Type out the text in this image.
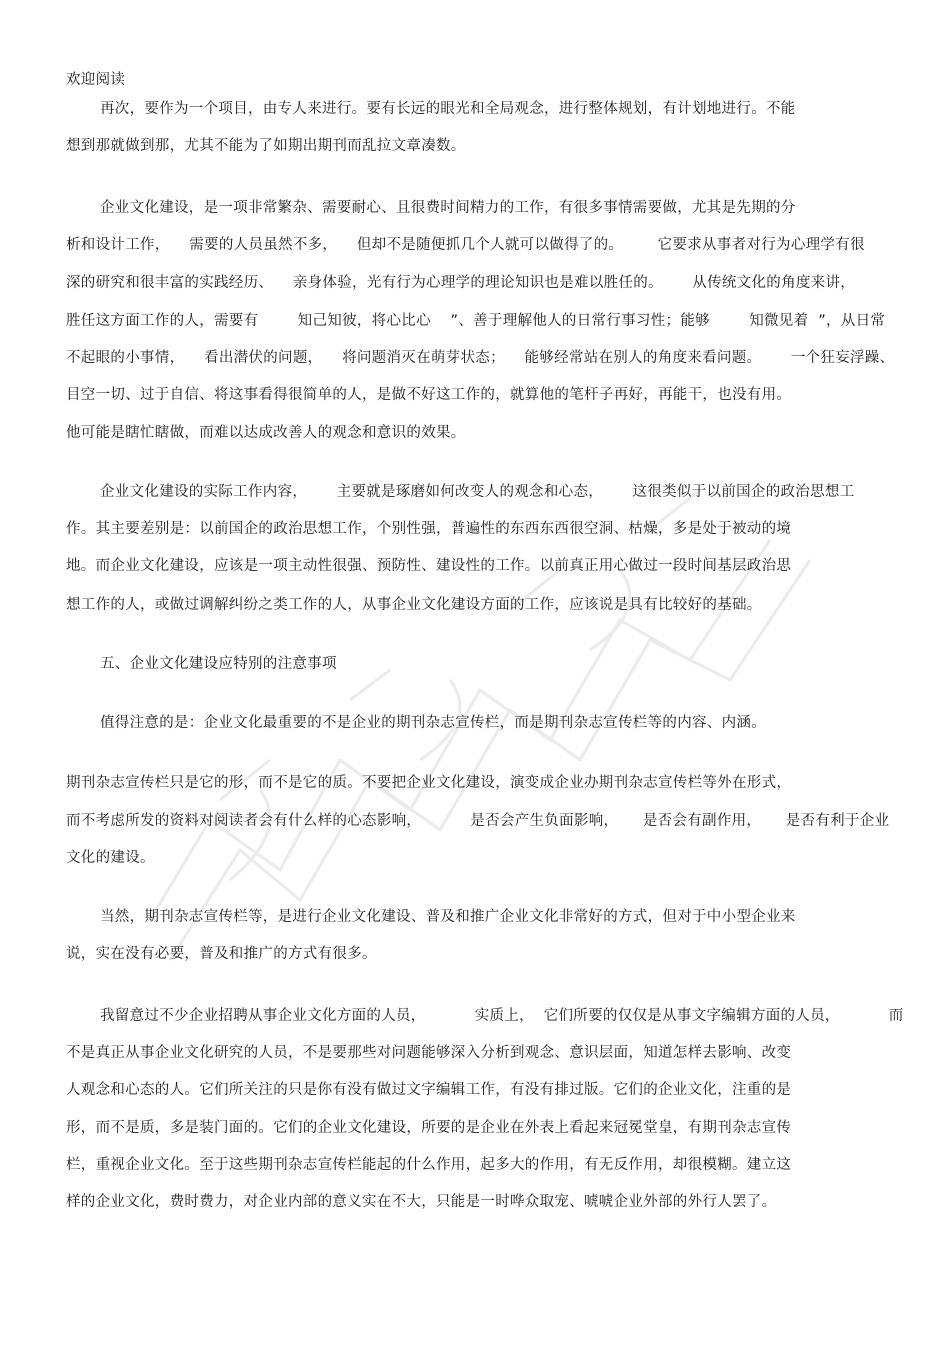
欢迎阅读
再次，要作为一个项目，由专人来进行。要有长远的眼光和全局观念，进行整体规划，有计划地进行。不能
想到那就做到那，尤其不能为了如期出期刊而乱拉文章凑数。
企业文化建设，是一项非常繁杂、需要耐心、且很费时间精力的工作，有很多事情需要做，尤其是先期的分
析和设计工作，    需要的人员虽然不多，    但却不是随便抓几个人就可以做得了的。       它要求从事者对行为心理学有很
深的研究和很丰富的实践经历、    亲身体验，光有行为心理学的理论知识也是难以胜任的。      从传统文化的角度来讲，
胜任这方面工作的人，需要有        知己知彼，将心比心    ”、善于理解他人的日常行事习性；能够        知微见着  ”，从日常
不起眼的小事情，    看出潜伏的问题，    将问题消灭在萌芽状态；    能够经常站在别人的角度来看问题。      一个狂妄浮躁、
目空一切、过于自信、将这事看得很简单的人，是做不好这工作的，就算他的笔杆子再好，再能干，也没有用。
他可能是瞎忙瞎做，而难以达成改善人的观念和意识的效果。
企业文化建设的实际工作内容，      主要就是琢磨如何改变人的观念和心态，      这很类似于以前国企的政治思想工
作。其主要差别是：以前国企的政治思想工作，个别性强，普遍性的东西东西很空洞、枯燥，多是处于被动的境
地。而企业文化建设，应该是一项主动性很强、预防性、建设性的工作。以前真正用心做过一段时间基层政治思
想工作的人，或做过调解纠纷之类工作的人，从事企业文化建设方面的工作，应该说是具有比较好的基础。
五、企业文化建设应特别的注意事项
值得注意的是：企业文化最重要的不是企业的期刊杂志宣传栏，而是期刊杂志宣传栏等的内容、内涵。
期刊杂志宣传栏只是它的形，而不是它的质。不要把企业文化建设，演变成企业办期刊杂志宣传栏等外在形式，
而不考虑所发的资料对阅读者会有什么样的心态影响，          是否会产生负面影响，     是否会有副作用，     是否有利于企业
文化的建设。
当然，期刊杂志宣传栏等，是进行企业文化建设、普及和推广企业文化非常好的方式，但对于中小型企业来
说，实在没有必要，普及和推广的方式有很多。
我留意过不少企业招聘从事企业文化方面的人员，          实质上，  它们所要的仅仅是从事文字编辑方面的人员，          而
不是真正从事企业文化研究的人员，不是要那些对问题能够深入分析到观念、意识层面，知道怎样去影响、改变
人观念和心态的人。它们所关注的只是你有没有做过文字编辑工作，有没有排过版。它们的企业文化，注重的是
形，而不是质，多是装门面的。它们的企业文化建设，所要的是企业在外表上看起来冠冕堂皇，有期刊杂志宣传
栏，重视企业文化。至于这些期刊杂志宣传栏能起的什么作用，起多大的作用，有无反作用，却很模糊。建立这
样的企业文化，费时费力，对企业内部的意义实在不大，只能是一时哗众取宠、唬唬企业外部的外行人罢了。
